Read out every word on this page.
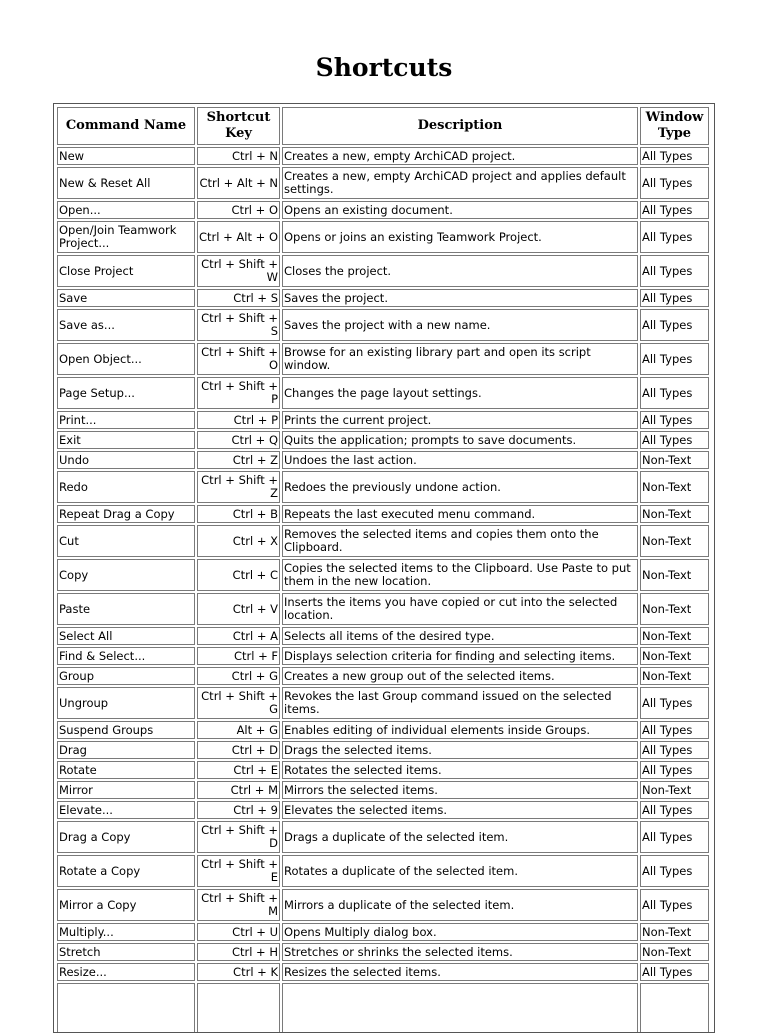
Shortcuts
Command Name	Shortcut Key	Description	Window Type
New	Ctrl + N	Creates a new, empty ArchiCAD project.	All Types
New & Reset All	Ctrl + Alt + N	Creates a new, empty ArchiCAD project and applies default settings.	All Types
Open...	Ctrl + O	Opens an existing document.	All Types
Open/Join Teamwork Project...	Ctrl + Alt + O	Opens or joins an existing Teamwork Project.	All Types
Close Project	Ctrl + Shift + W	Closes the project.	All Types
Save	Ctrl + S	Saves the project.	All Types
Save as...	Ctrl + Shift + S	Saves the project with a new name.	All Types
Open Object...	Ctrl + Shift + O	Browse for an existing library part and open its script window.	All Types
Page Setup...	Ctrl + Shift + P	Changes the page layout settings.	All Types
Print...	Ctrl + P	Prints the current project.	All Types
Exit	Ctrl + Q	Quits the application; prompts to save documents.	All Types
Undo	Ctrl + Z	Undoes the last action.	Non-Text
Redo	Ctrl + Shift + Z	Redoes the previously undone action.	Non-Text
Repeat Drag a Copy	Ctrl + B	Repeats the last executed menu command.	Non-Text
Cut	Ctrl + X	Removes the selected items and copies them onto the Clipboard.	Non-Text
Copy	Ctrl + C	Copies the selected items to the Clipboard. Use Paste to put them in the new location.	Non-Text
Paste	Ctrl + V	Inserts the items you have copied or cut into the selected location.	Non-Text
Select All	Ctrl + A	Selects all items of the desired type.	Non-Text
Find & Select...	Ctrl + F	Displays selection criteria for finding and selecting items.	Non-Text
Group	Ctrl + G	Creates a new group out of the selected items.	Non-Text
Ungroup	Ctrl + Shift + G	Revokes the last Group command issued on the selected items.	All Types
Suspend Groups	Alt + G	Enables editing of individual elements inside Groups.	All Types
Drag	Ctrl + D	Drags the selected items.	All Types
Rotate	Ctrl + E	Rotates the selected items.	All Types
Mirror	Ctrl + M	Mirrors the selected items.	Non-Text
Elevate...	Ctrl + 9	Elevates the selected items.	All Types
Drag a Copy	Ctrl + Shift + D	Drags a duplicate of the selected item.	All Types
Rotate a Copy	Ctrl + Shift + E	Rotates a duplicate of the selected item.	All Types
Mirror a Copy	Ctrl + Shift + M	Mirrors a duplicate of the selected item.	All Types
Multiply...	Ctrl + U	Opens Multiply dialog box.	Non-Text
Stretch	Ctrl + H	Stretches or shrinks the selected items.	Non-Text
Resize...	Ctrl + K	Resizes the selected items.	All Types
